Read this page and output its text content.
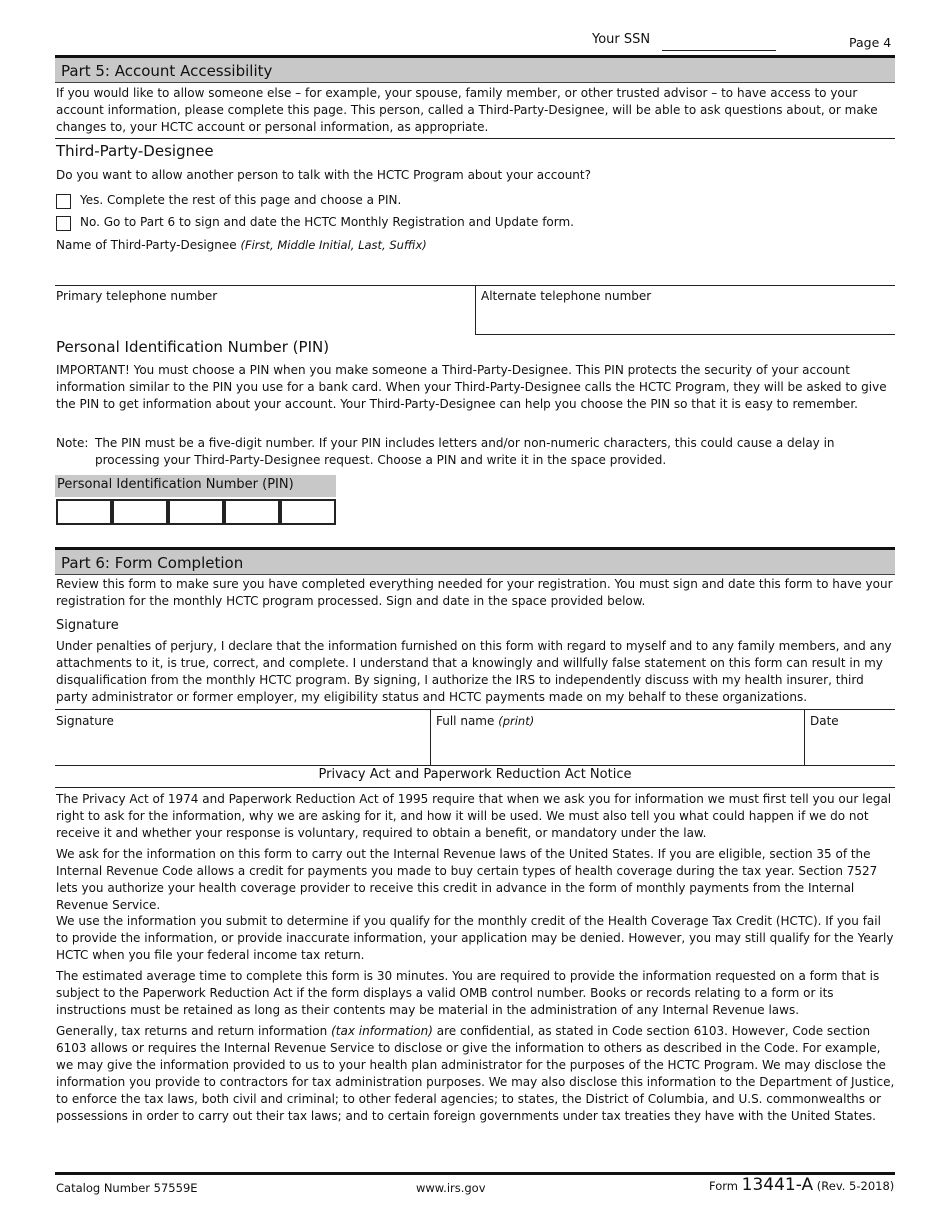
Your SSN	Page 4
Part 5: Account Accessibility

If you would like to allow someone else – for example, your spouse, family member, or other trusted advisor – to have access to your account information, please complete this page. This person, called a Third-Party-Designee, will be able to ask questions about, or make changes to, your HCTC account or personal information, as appropriate.

Third-Party-Designee
Do you want to allow another person to talk with the HCTC Program about your account?
Yes. Complete the rest of this page and choose a PIN.
No. Go to Part 6 to sign and date the HCTC Monthly Registration and Update form.
Name of Third-Party-Designee (First, Middle Initial, Last, Suffix)
Primary telephone number	Alternate telephone number
Personal Identification Number (PIN)

IMPORTANT! You must choose a PIN when you make someone a Third-Party-Designee. This PIN protects the security of your account information similar to the PIN you use for a bank card. When your Third-Party-Designee calls the HCTC Program, they will be asked to give the PIN to get information about your account. Your Third-Party-Designee can help you choose the PIN so that it is easy to remember.

Note: The PIN must be a five-digit number. If your PIN includes letters and/or non-numeric characters, this could cause a delay in
processing your Third-Party-Designee request. Choose a PIN and write it in the space provided.
Personal Identification Number (PIN)
Part 6: Form Completion

Review this form to make sure you have completed everything needed for your registration. You must sign and date this form to have your registration for the monthly HCTC program processed. Sign and date in the space provided below.

Signature

Under penalties of perjury, I declare that the information furnished on this form with regard to myself and to any family members, and any attachments to it, is true, correct, and complete. I understand that a knowingly and willfully false statement on this form can result in my disqualification from the monthly HCTC program. By signing, I authorize the IRS to independently discuss with my health insurer, third party administrator or former employer, my eligibility status and HCTC payments made on my behalf to these organizations.

Signature	Full name (print)	Date
Privacy Act and Paperwork Reduction Act Notice

The Privacy Act of 1974 and Paperwork Reduction Act of 1995 require that when we ask you for information we must first tell you our legal right to ask for the information, why we are asking for it, and how it will be used. We must also tell you what could happen if we do not receive it and whether your response is voluntary, required to obtain a benefit, or mandatory under the law.

We ask for the information on this form to carry out the Internal Revenue laws of the United States. If you are eligible, section 35 of the Internal Revenue Code allows a credit for payments you made to buy certain types of health coverage during the tax year. Section 7527 lets you authorize your health coverage provider to receive this credit in advance in the form of monthly payments from the Internal Revenue Service.

We use the information you submit to determine if you qualify for the monthly credit of the Health Coverage Tax Credit (HCTC). If you fail to provide the information, or provide inaccurate information, your application may be denied. However, you may still qualify for the Yearly HCTC when you file your federal income tax return.

The estimated average time to complete this form is 30 minutes. You are required to provide the information requested on a form that is subject to the Paperwork Reduction Act if the form displays a valid OMB control number. Books or records relating to a form or its instructions must be retained as long as their contents may be material in the administration of any Internal Revenue laws.

Generally, tax returns and return information (tax information) are confidential, as stated in Code section 6103. However, Code section 6103 allows or requires the Internal Revenue Service to disclose or give the information to others as described in the Code. For example, we may give the information provided to us to your health plan administrator for the purposes of the HCTC Program. We may disclose the information you provide to contractors for tax administration purposes. We may also disclose this information to the Department of Justice, to enforce the tax laws, both civil and criminal; to other federal agencies; to states, the District of Columbia, and U.S. commonwealths or possessions in order to carry out their tax laws; and to certain foreign governments under tax treaties they have with the United States.

Catalog Number 57559E	www.irs.gov	Form 13441-A (Rev. 5-2018)
